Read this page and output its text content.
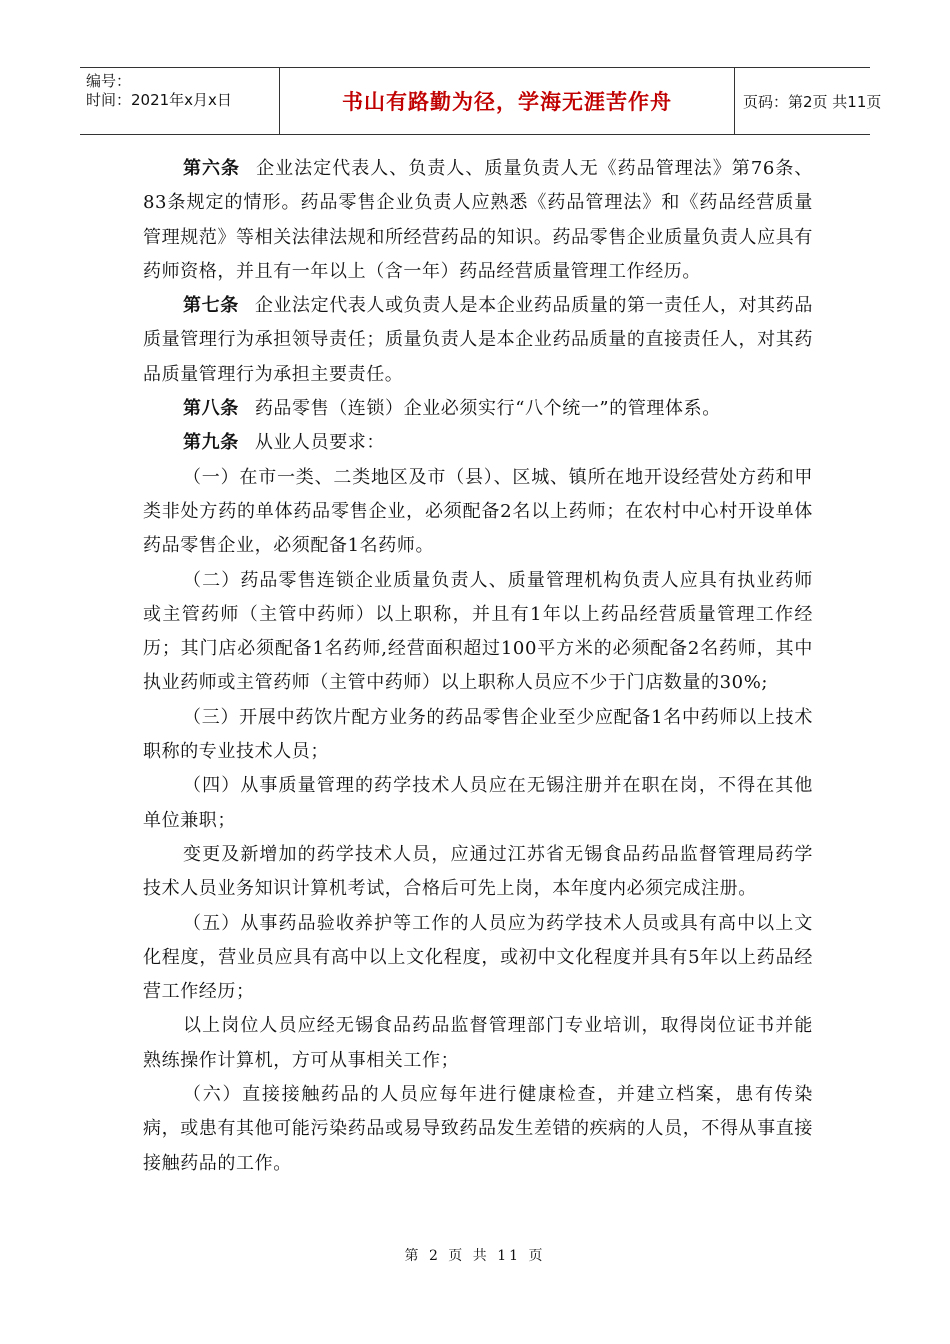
编号：
时间：2021年x月x日	书山有路勤为径，学海无涯苦作舟	页码：第2页 共11页

第六条 企业法定代表人、负责人、质量负责人无《药品管理法》第76条、83条规定的情形。药品零售企业负责人应熟悉《药品管理法》和《药品经营质量管理规范》等相关法律法规和所经营药品的知识。药品零售企业质量负责人应具有药师资格，并且有一年以上（含一年）药品经营质量管理工作经历。

第七条 企业法定代表人或负责人是本企业药品质量的第一责任人，对其药品质量管理行为承担领导责任；质量负责人是本企业药品质量的直接责任人，对其药品质量管理行为承担主要责任。

第八条 药品零售（连锁）企业必须实行“八个统一”的管理体系。

第九条 从业人员要求：

（一）在市一类、二类地区及市（县）、区城、镇所在地开设经营处方药和甲类非处方药的单体药品零售企业，必须配备2名以上药师；在农村中心村开设单体药品零售企业，必须配备1名药师。

（二）药品零售连锁企业质量负责人、质量管理机构负责人应具有执业药师或主管药师（主管中药师）以上职称，并且有1年以上药品经营质量管理工作经历；其门店必须配备1名药师,经营面积超过100平方米的必须配备2名药师，其中执业药师或主管药师（主管中药师）以上职称人员应不少于门店数量的30%;

（三）开展中药饮片配方业务的药品零售企业至少应配备1名中药师以上技术职称的专业技术人员；

（四）从事质量管理的药学技术人员应在无锡注册并在职在岗，不得在其他单位兼职；

变更及新增加的药学技术人员，应通过江苏省无锡食品药品监督管理局药学技术人员业务知识计算机考试，合格后可先上岗，本年度内必须完成注册。

（五）从事药品验收养护等工作的人员应为药学技术人员或具有高中以上文化程度，营业员应具有高中以上文化程度，或初中文化程度并具有5年以上药品经营工作经历；

以上岗位人员应经无锡食品药品监督管理部门专业培训，取得岗位证书并能熟练操作计算机，方可从事相关工作；

（六）直接接触药品的人员应每年进行健康检查，并建立档案，患有传染病，或患有其他可能污染药品或易导致药品发生差错的疾病的人员，不得从事直接接触药品的工作。

第 2 页 共 11 页
